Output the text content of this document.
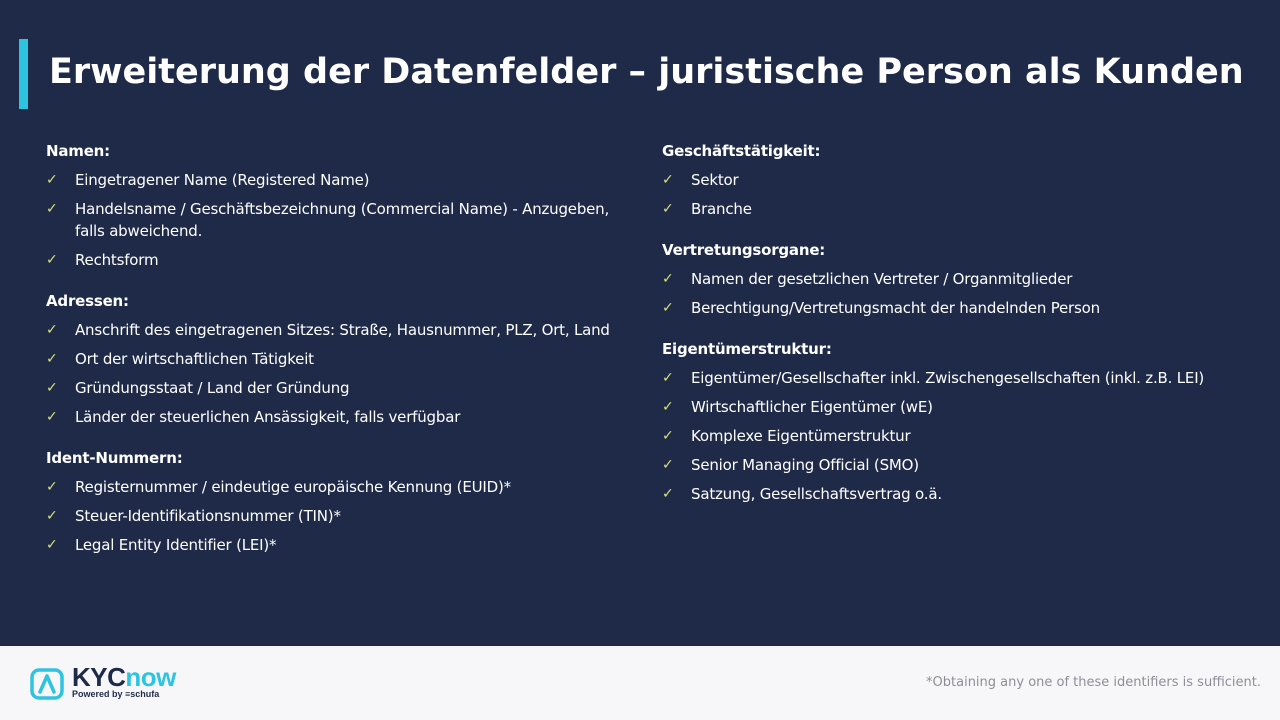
Erweiterung der Datenfelder – juristische Person als Kunden
Namen:
✓ Eingetragener Name (Registered Name)
✓ Handelsname / Geschäftsbezeichnung (Commercial Name) - Anzugeben, falls abweichend.
✓ Rechtsform
Adressen:
✓ Anschrift des eingetragenen Sitzes: Straße, Hausnummer, PLZ, Ort, Land
✓ Ort der wirtschaftlichen Tätigkeit
✓ Gründungsstaat / Land der Gründung
✓ Länder der steuerlichen Ansässigkeit, falls verfügbar
Ident-Nummern:
✓ Registernummer / eindeutige europäische Kennung (EUID)*
✓ Steuer-Identifikationsnummer (TIN)*
✓ Legal Entity Identifier (LEI)*
Geschäftstätigkeit:
✓ Sektor
✓ Branche
Vertretungsorgane:
✓ Namen der gesetzlichen Vertreter / Organmitglieder
✓ Berechtigung/Vertretungsmacht der handelnden Person
Eigentümerstruktur:
✓ Eigentümer/Gesellschafter inkl. Zwischengesellschaften (inkl. z.B. LEI)
✓ Wirtschaftlicher Eigentümer (wE)
✓ Komplexe Eigentümerstruktur
✓ Senior Managing Official (SMO)
✓ Satzung, Gesellschaftsvertrag o.ä.
KYCnow
Powered by ≡schufa
*Obtaining any one of these identifiers is sufficient.
